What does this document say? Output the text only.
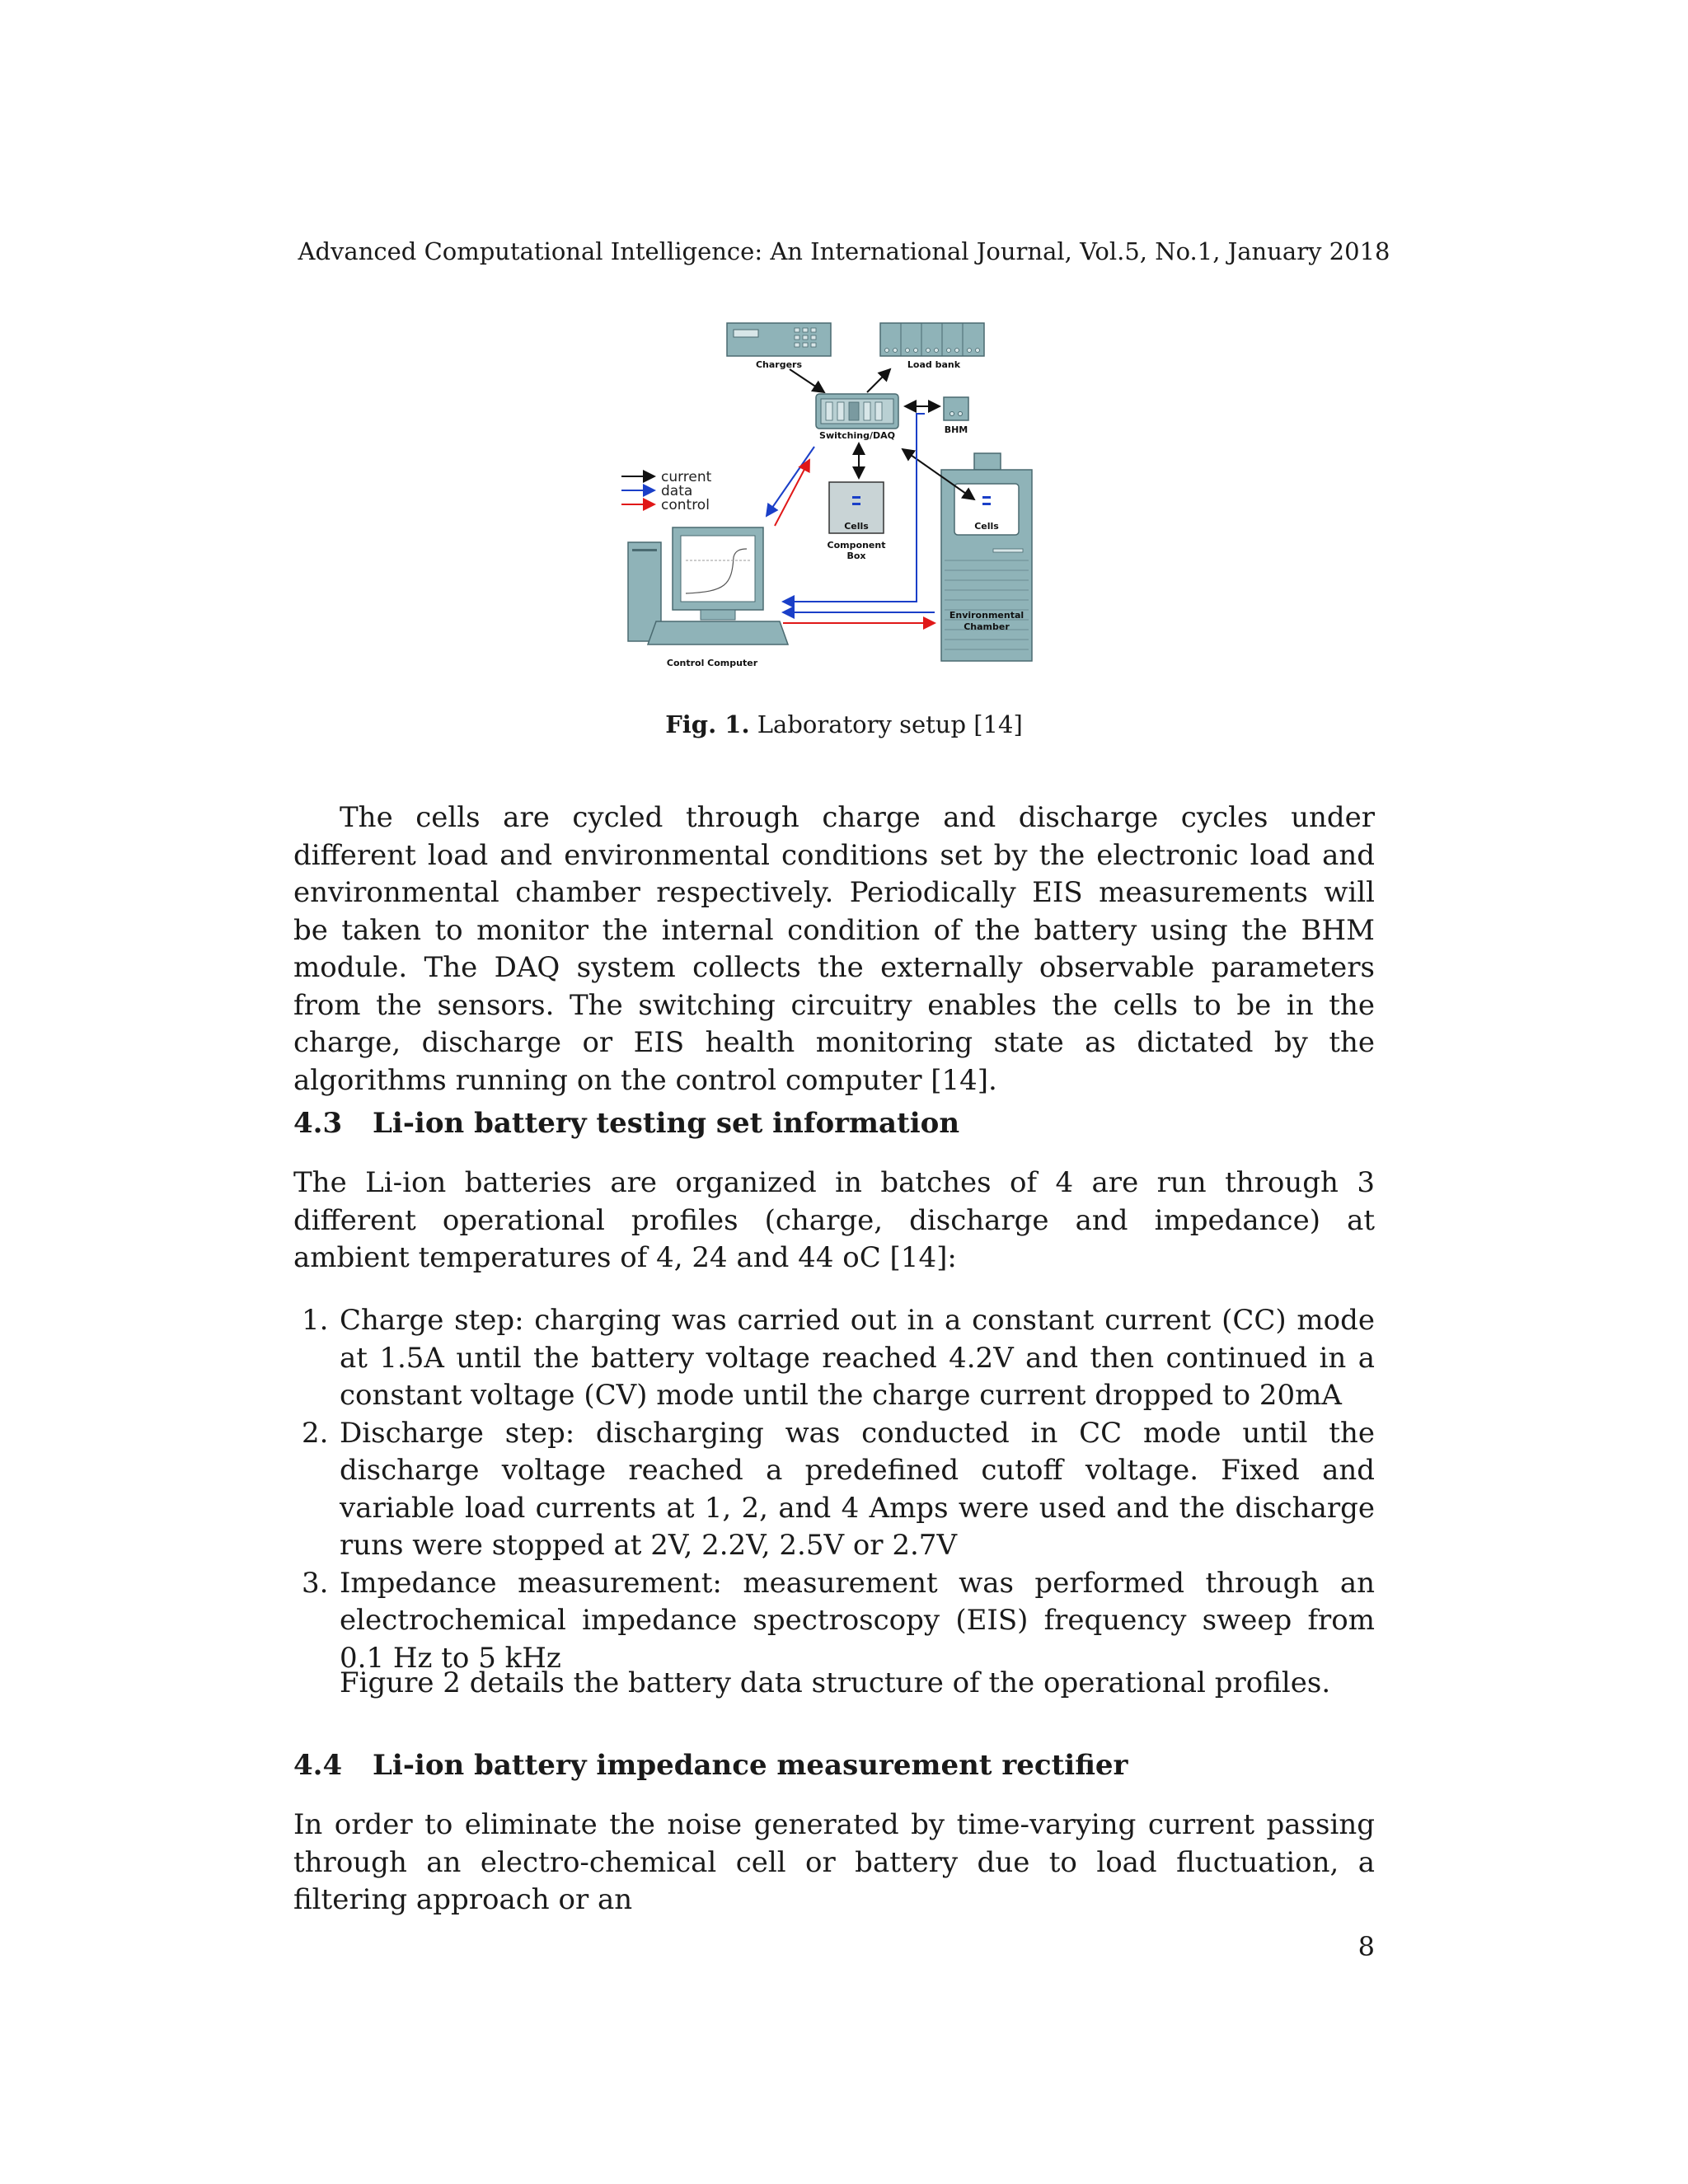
Advanced Computational Intelligence: An International Journal, Vol.5, No.1, January 2018
Chargers	Load bank
Switching/DAQ
BHM
Cells
Component
Box
Cells
Environmental
Chamber
Control Computer
current
data
control
Fig. 1. Laboratory setup [14]

The cells are cycled through charge and discharge cycles under different load and environmental conditions set by the electronic load and environmental chamber respectively. Periodically EIS measurements will be taken to monitor the internal condition of the battery using the BHM module. The DAQ system collects the externally observable parameters from the sensors. The switching circuitry enables the cells to be in the charge, discharge or EIS health monitoring state as dictated by the algorithms running on the control computer [14].

4.3 Li-ion battery testing set information

The Li-ion batteries are organized in batches of 4 are run through 3 different operational profiles (charge, discharge and impedance) at ambient temperatures of 4, 24 and 44 oC [14]:

1. Charge step: charging was carried out in a constant current (CC) mode at 1.5A until the battery voltage reached 4.2V and then continued in a constant voltage (CV) mode until the charge current dropped to 20mA

2. Discharge step: discharging was conducted in CC mode until the discharge voltage reached a predefined cutoff voltage. Fixed and variable load currents at 1, 2, and 4 Amps were used and the discharge runs were stopped at 2V, 2.2V, 2.5V or 2.7V

3. Impedance measurement: measurement was performed through an electrochemical impedance spectroscopy (EIS) frequency sweep from 0.1 Hz to 5 kHz

Figure 2 details the battery data structure of the operational profiles.
4.4 Li-ion battery impedance measurement rectifier

In order to eliminate the noise generated by time-varying current passing through an electro-chemical cell or battery due to load fluctuation, a filtering approach or an

8
